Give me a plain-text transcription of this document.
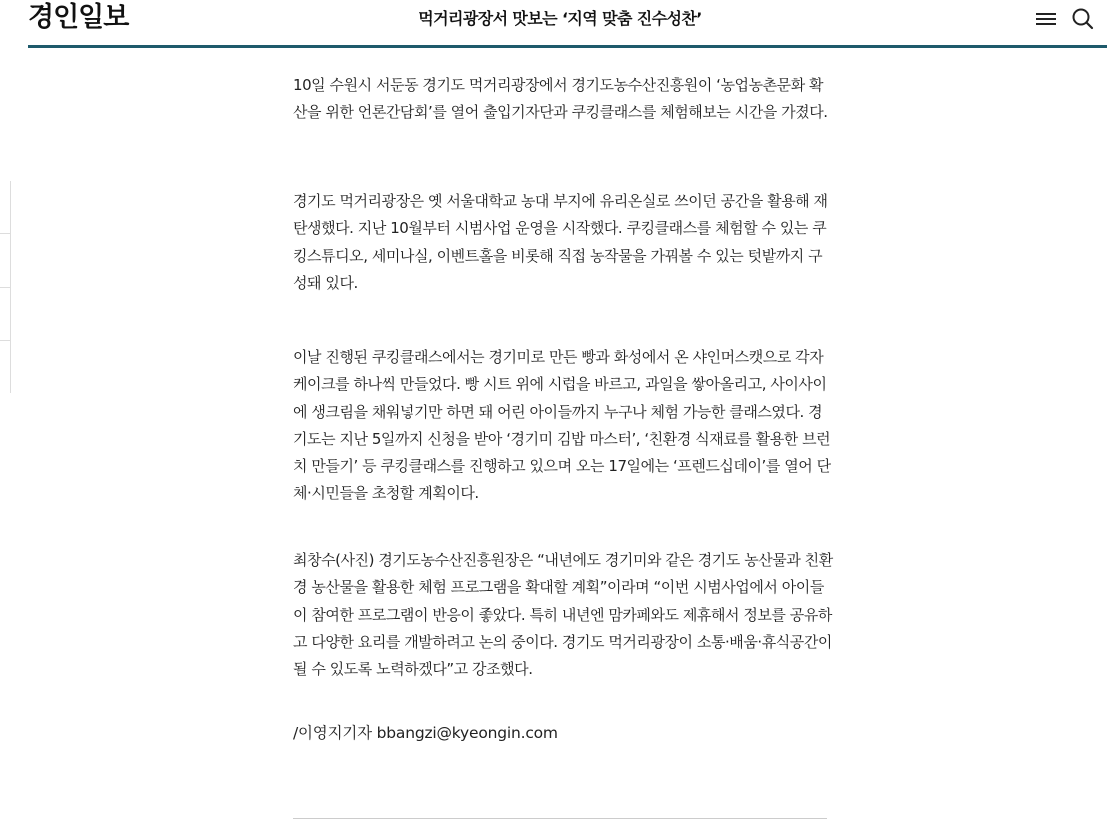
경인일보	먹거리광장서 맛보는 ‘지역 맞춤 진수성찬’

10일 수원시 서둔동 경기도 먹거리광장에서 경기도농수산진흥원이 ‘농업농촌문화 확산을 위한 언론간담회’를 열어 출입기자단과 쿠킹클래스를 체험해보는 시간을 가졌다.

경기도 먹거리광장은 옛 서울대학교 농대 부지에 유리온실로 쓰이던 공간을 활용해 재탄생했다. 지난 10월부터 시범사업 운영을 시작했다. 쿠킹클래스를 체험할 수 있는 쿠킹스튜디오, 세미나실, 이벤트홀을 비롯해 직접 농작물을 가꿔볼 수 있는 텃밭까지 구성돼 있다.

이날 진행된 쿠킹클래스에서는 경기미로 만든 빵과 화성에서 온 샤인머스캣으로 각자 케이크를 하나씩 만들었다. 빵 시트 위에 시럽을 바르고, 과일을 쌓아올리고, 사이사이에 생크림을 채워넣기만 하면 돼 어린 아이들까지 누구나 체험 가능한 클래스였다. 경기도는 지난 5일까지 신청을 받아 ‘경기미 김밥 마스터’, ‘친환경 식재료를 활용한 브런치 만들기’ 등 쿠킹클래스를 진행하고 있으며 오는 17일에는 ‘프렌드십데이’를 열어 단체·시민들을 초청할 계획이다.

최창수(사진) 경기도농수산진흥원장은 “내년에도 경기미와 같은 경기도 농산물과 친환경 농산물을 활용한 체험 프로그램을 확대할 계획”이라며 “이번 시범사업에서 아이들이 참여한 프로그램이 반응이 좋았다. 특히 내년엔 맘카페와도 제휴해서 정보를 공유하고 다양한 요리를 개발하려고 논의 중이다. 경기도 먹거리광장이 소통·배움·휴식공간이 될 수 있도록 노력하겠다”고 강조했다.

/이영지기자 bbangzi@kyeongin.com
